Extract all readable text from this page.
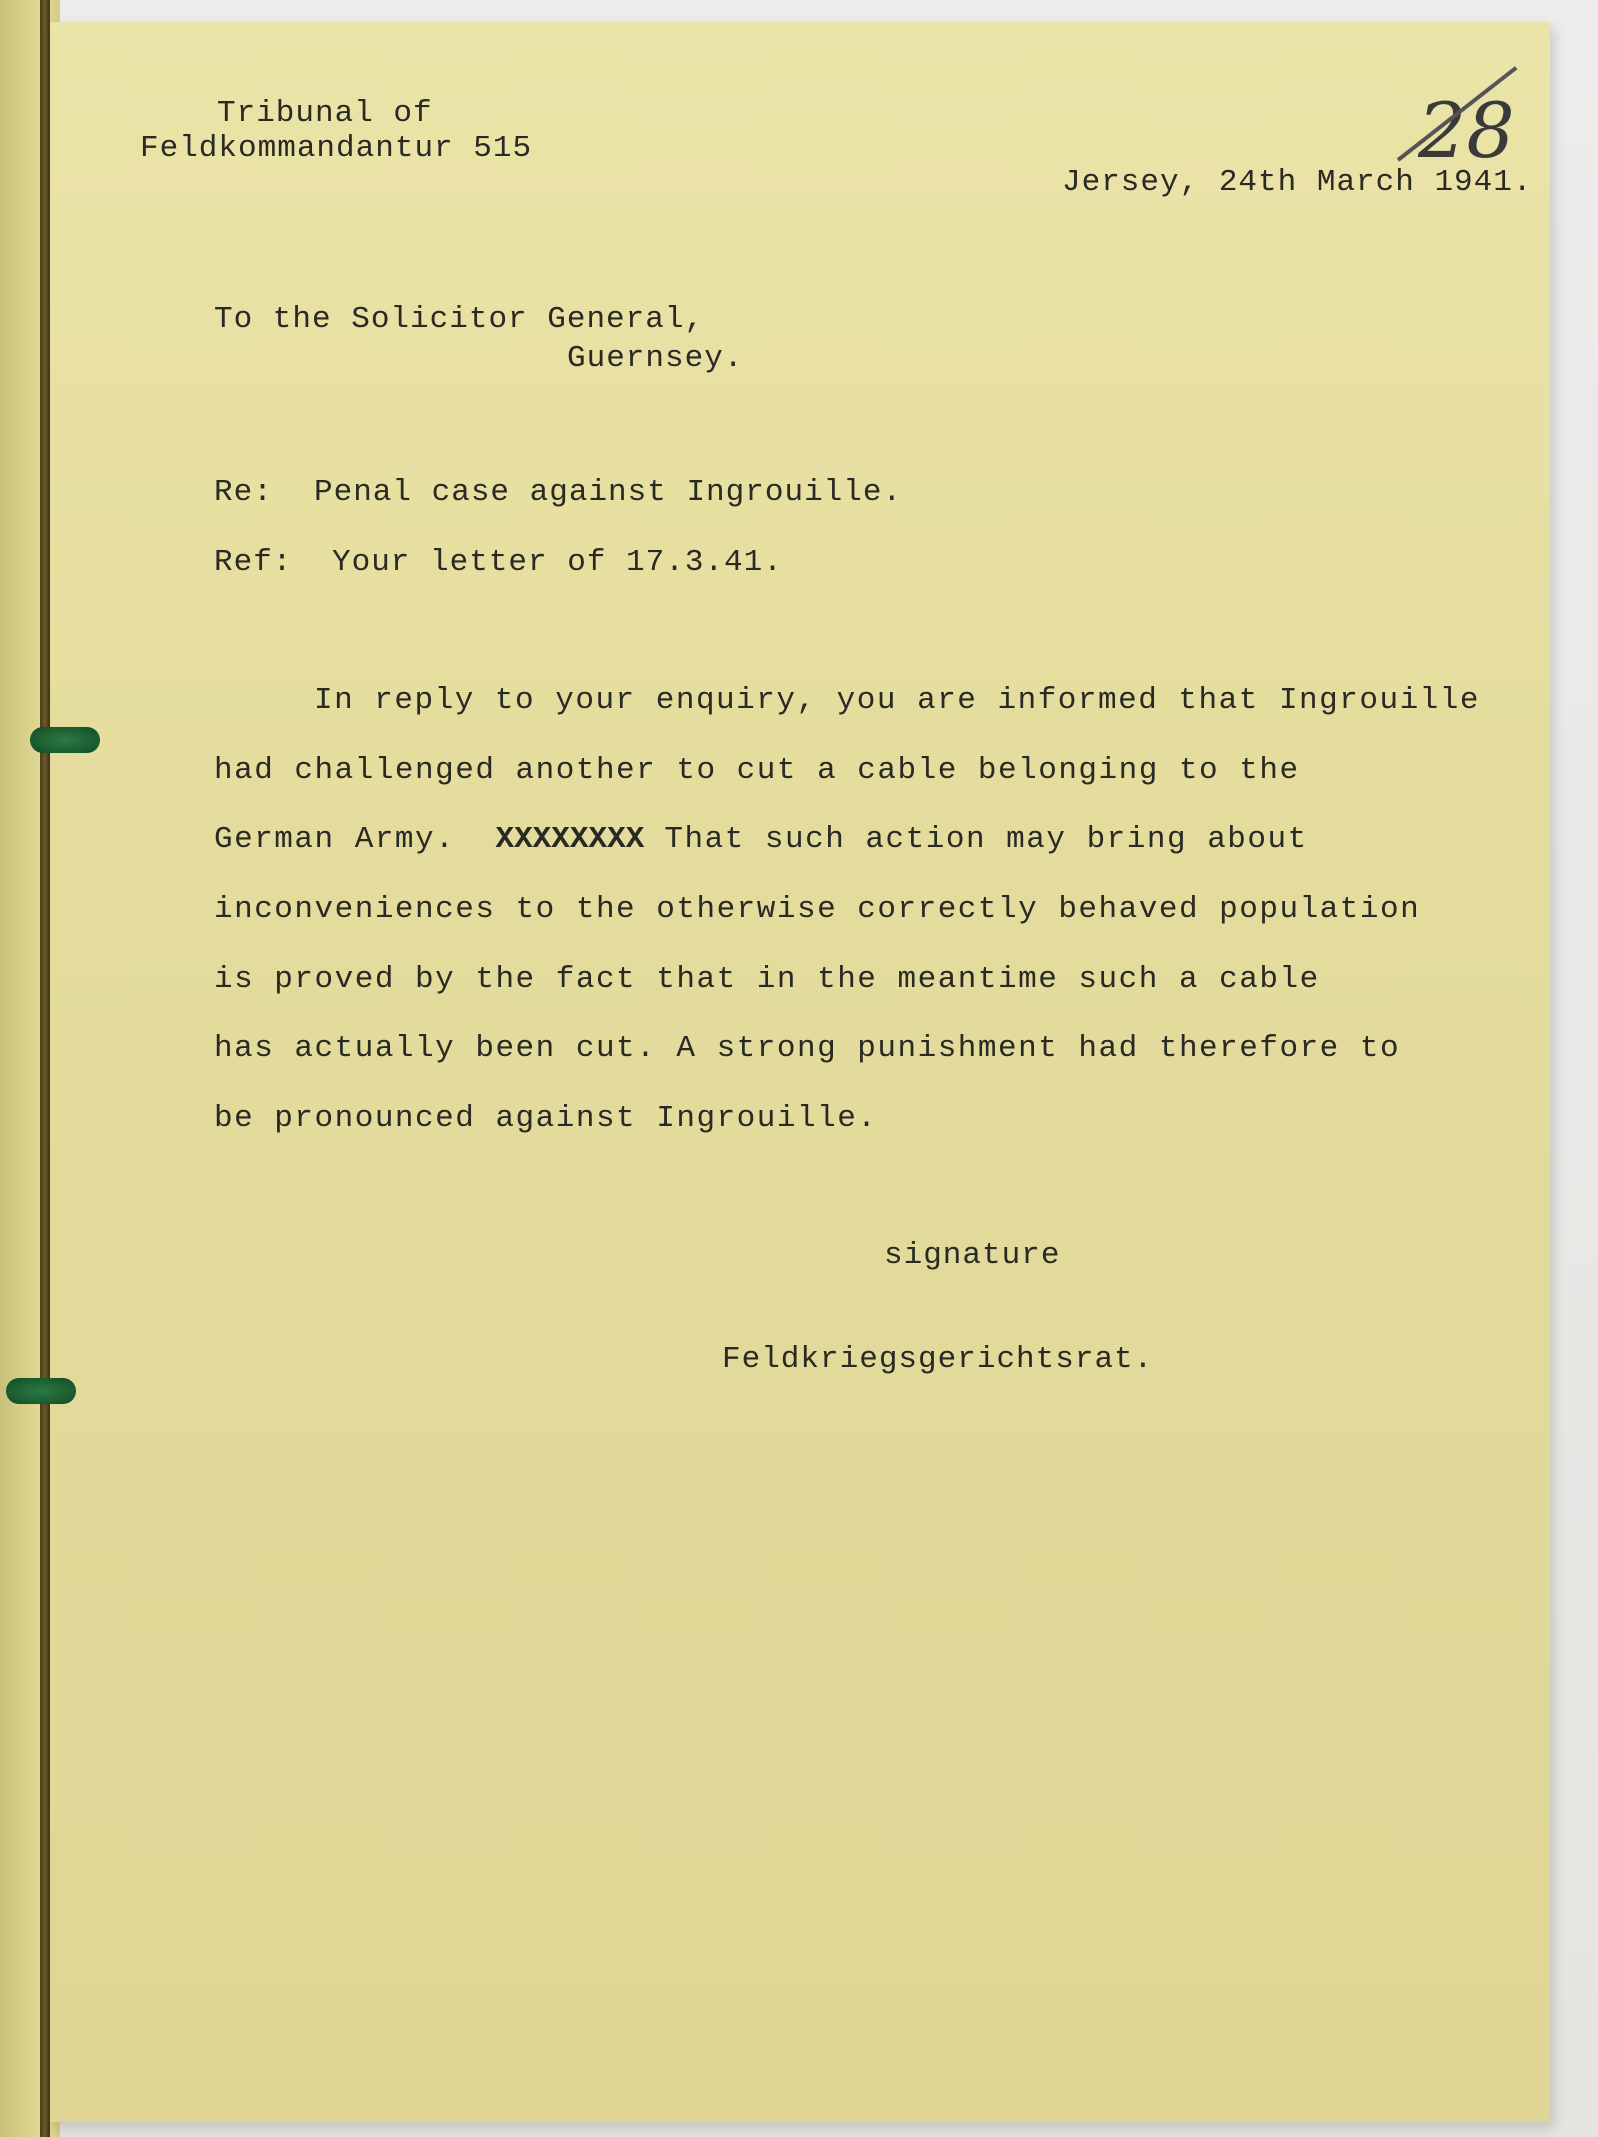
Tribunal of

Feldkommandantur 515	28

Jersey, 24th March 1941.

To the Solicitor General,

Guernsey.

Re: Penal case against Ingrouille.

Ref: Your letter of 17.3.41.

In reply to your enquiry, you are informed that Ingrouille

had challenged another to cut a cable belonging to the

German Army. XXXXXXXX That such action may bring about

inconveniences to the otherwise correctly behaved population

is proved by the fact that in the meantime such a cable

has actually been cut. A strong punishment had therefore to

be pronounced against Ingrouille.

signature

Feldkriegsgerichtsrat.
